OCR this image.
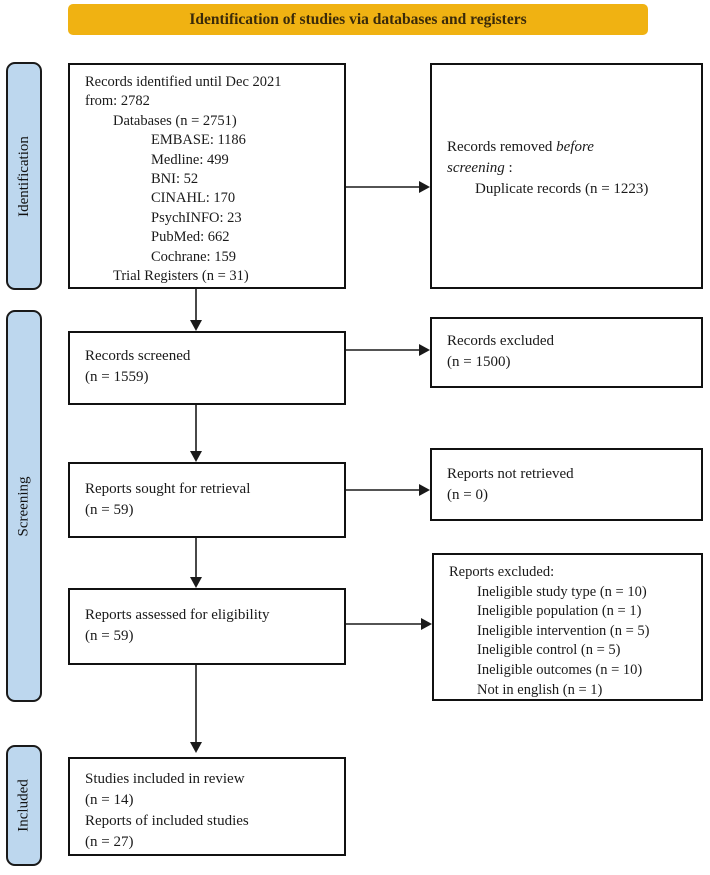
Identification of studies via databases and registers
Identification
Screening
Included
Records identified until Dec 2021
from: 2782
Databases (n = 2751)
EMBASE: 1186
Medline: 499
BNI: 52
CINAHL: 170
PsychINFO: 23
PubMed: 662
Cochrane: 159
Trial Registers (n = 31)
Records removed before
screening :
Duplicate records (n = 1223)
Records screened
(n = 1559)
Records excluded
(n = 1500)
Reports sought for retrieval
(n = 59)
Reports not retrieved
(n = 0)
Reports assessed for eligibility
(n = 59)
Reports excluded:
Ineligible study type (n = 10)
Ineligible population (n = 1)
Ineligible intervention (n = 5)
Ineligible control (n = 5)
Ineligible outcomes (n = 10)
Not in english (n = 1)
Studies included in review
(n = 14)
Reports of included studies
(n = 27)
